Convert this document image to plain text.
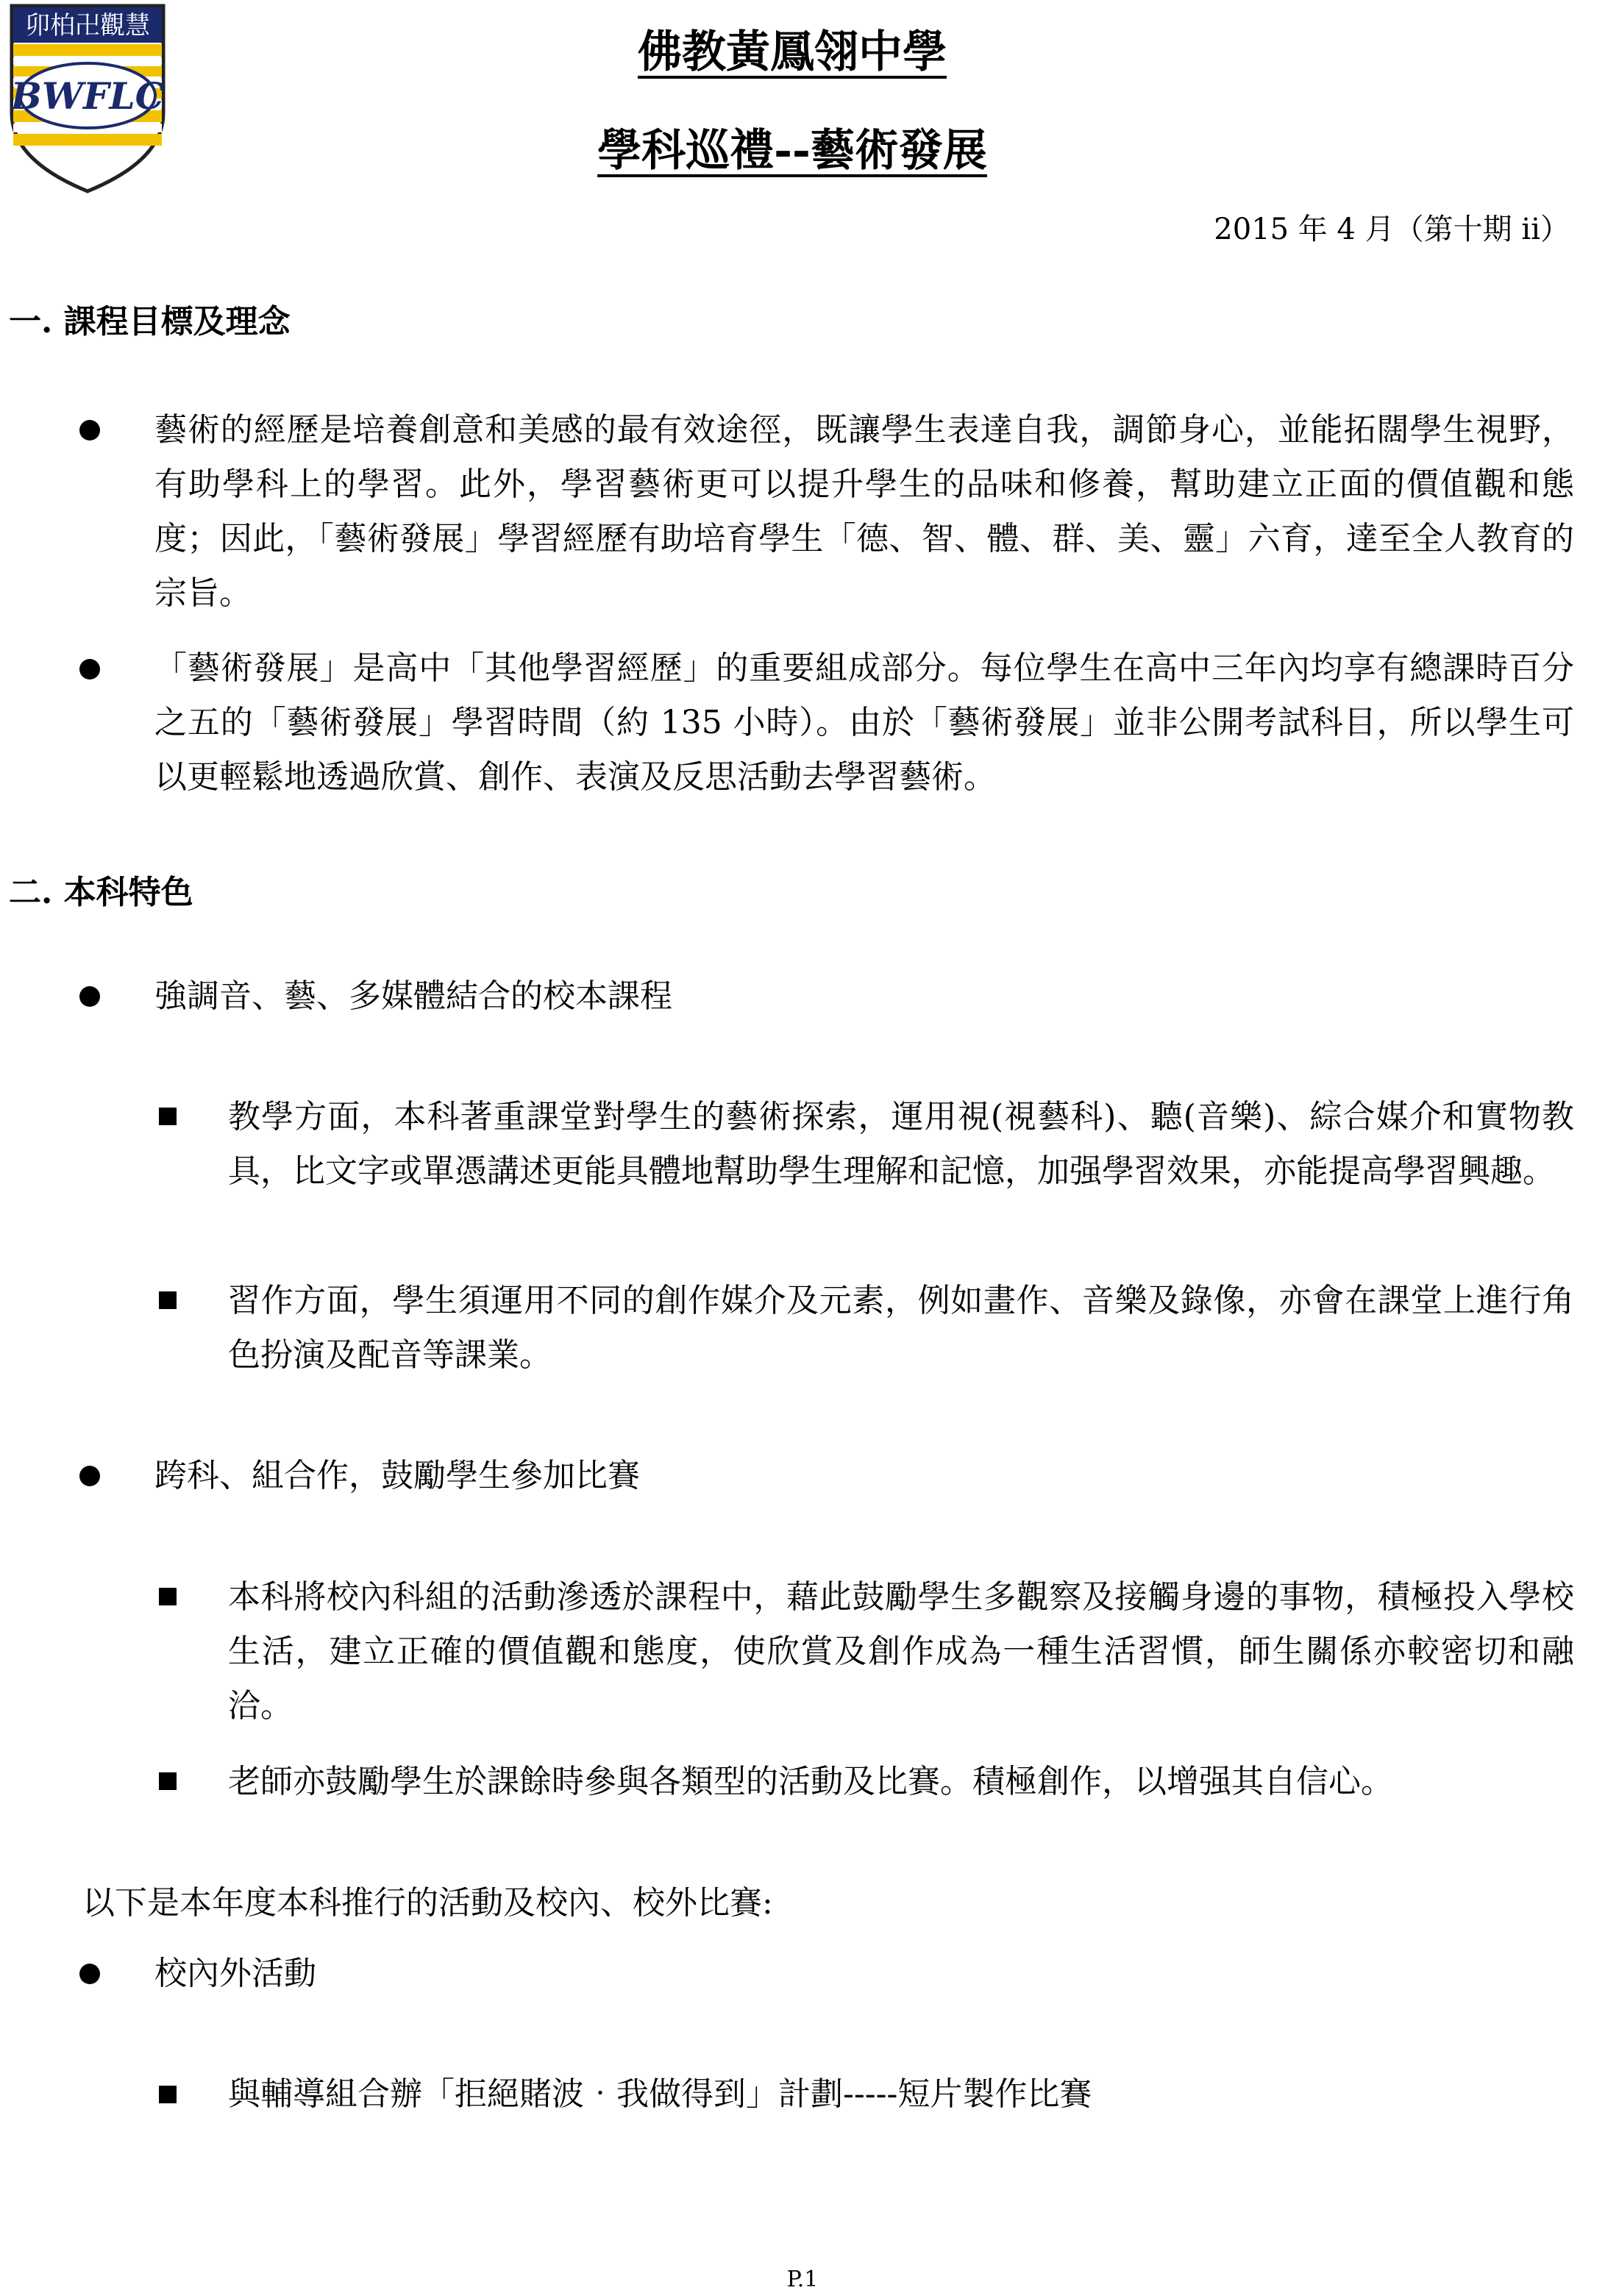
卯柏卍觀慧
BWFLC
佛教黃鳳翎中學
學科巡禮--藝術發展
2015 年 4 月（第十期 ii）
一. 課程目標及理念
藝術的經歷是培養創意和美感的最有效途徑，既讓學生表達自我，調節身心，並能拓闊學生視野，有助學科上的學習。此外，學習藝術更可以提升學生的品味和修養，幫助建立正面的價值觀和態度；因此，「藝術發展」學習經歷有助培育學生「德、智、體、群、美、靈」六育，達至全人教育的宗旨。
「藝術發展」是高中「其他學習經歷」的重要組成部分。每位學生在高中三年內均享有總課時百分之五的「藝術發展」學習時間（約 135 小時）。由於「藝術發展」並非公開考試科目，所以學生可以更輕鬆地透過欣賞、創作、表演及反思活動去學習藝術。
二. 本科特色
強調音、藝、多媒體結合的校本課程
教學方面，本科著重課堂對學生的藝術探索，運用視(視藝科)、聽(音樂)、綜合媒介和實物教具，比文字或單憑講述更能具體地幫助學生理解和記憶，加强學習效果，亦能提高學習興趣。
習作方面，學生須運用不同的創作媒介及元素，例如畫作、音樂及錄像，亦會在課堂上進行角色扮演及配音等課業。
跨科、組合作，鼓勵學生參加比賽
本科將校內科組的活動滲透於課程中，藉此鼓勵學生多觀察及接觸身邊的事物，積極投入學校生活，建立正確的價值觀和態度，使欣賞及創作成為一種生活習慣，師生關係亦較密切和融洽。
老師亦鼓勵學生於課餘時參與各類型的活動及比賽。積極創作，以增强其自信心。
以下是本年度本科推行的活動及校內、校外比賽:
校內外活動
與輔導組合辦「拒絕賭波‧我做得到」計劃-----短片製作比賽
P.1
